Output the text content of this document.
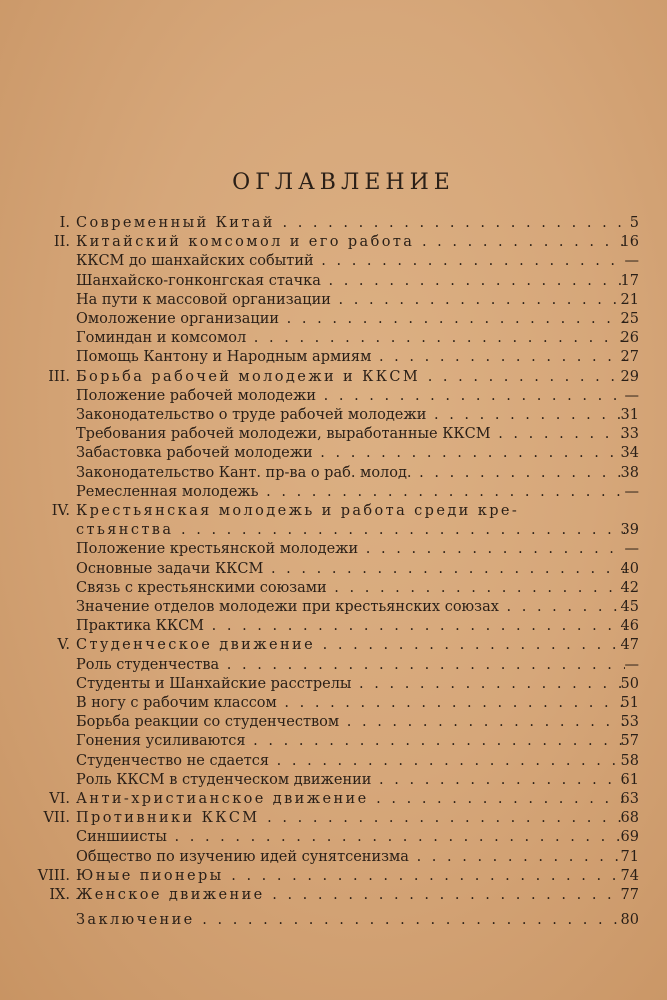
ОГЛАВЛЕНИЕ
I. Современный Китай . . .	5
II. Китайский комсомол и его работа . . .	16
ККСМ до шанхайских событий . . .	—
Шанхайско-гонконгская стачка . . .	17
На пути к массовой организации . . .	21
Омоложение организации . . .	25
Гоминдан и комсомол . . .	26
Помощь Кантону и Народным армиям . . .	27
III. Борьба рабочей молодежи и ККСМ . . .	29
Положение рабочей молодежи . . .	—
Законодательство о труде рабочей молодежи . . .	31
Требования рабочей молодежи, выработанные ККСМ . . .	33
Забастовка рабочей молодежи . . .	34
Законодательство Кант. пр-ва о раб. молод. . . .	38
Ремесленная молодежь . . .	—
IV. Крестьянская молодежь и работа среди кре-
стьянства . . .	39
Положение крестьянской молодежи . . .	—
Основные задачи ККСМ . . .	40
Связь с крестьянскими союзами . . .	42
Значение отделов молодежи при крестьянских союзах . . .	45
Практика ККСМ . . .	46
V. Студенческое движение . . .	47
Роль студенчества . . .	—
Студенты и Шанхайские расстрелы . . .	50
В ногу с рабочим классом . . .	51
Борьба реакции со студенчеством . . .	53
Гонения усиливаются . . .	57
Студенчество не сдается . . .	58
Роль ККСМ в студенческом движении . . .	61
VI. Анти-христианское движение . . .	63
VII. Противники ККСМ . . .	68
Синшиисты . . .	69
Общество по изучению идей сунятсенизма . . .	71
VIII. Юные пионеры . . .	74
IX. Женское движение . . .	77
Заключение . . .	80
